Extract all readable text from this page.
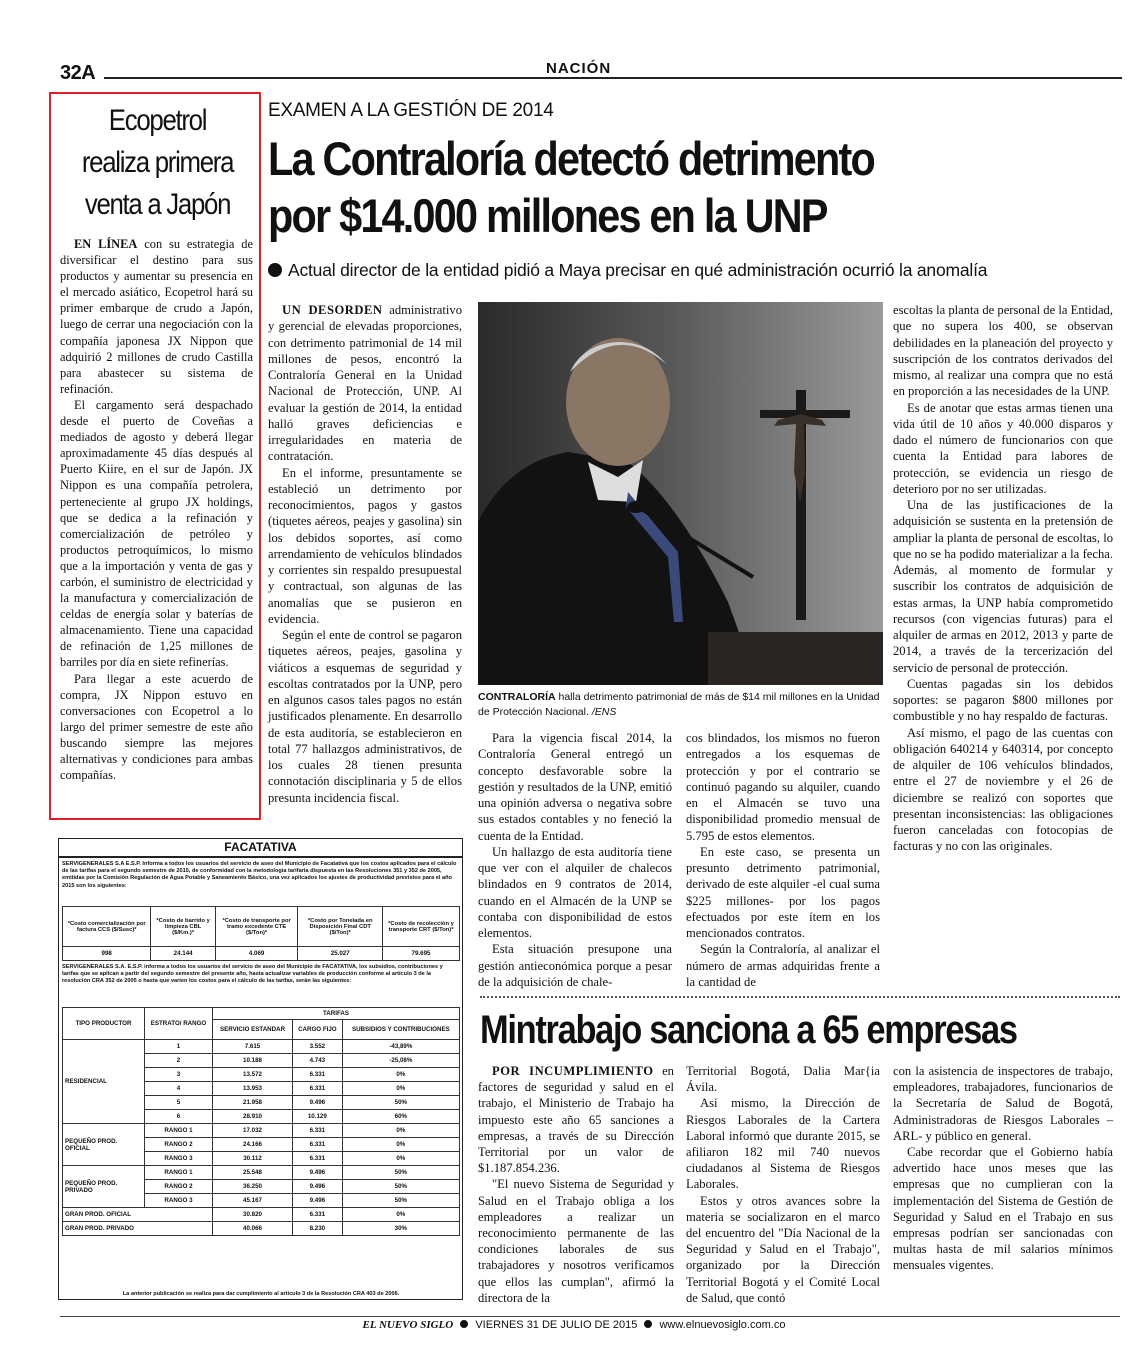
32A	NACIÓN
Ecopetrol realiza primera venta a Japón

EN LÍNEA con su estrategia de diversificar el destino para sus productos y aumentar su presencia en el mercado asiático, Ecopetrol hará su primer embarque de crudo a Japón, luego de cerrar una negociación con la compañía japonesa JX Nippon que adquirió 2 millones de crudo Castilla para abastecer su sistema de refinación.

El cargamento será despachado desde el puerto de Coveñas a mediados de agosto y deberá llegar aproximadamente 45 días después al Puerto Kiire, en el sur de Japón. JX Nippon es una compañía petrolera, perteneciente al grupo JX holdings, que se dedica a la refinación y comercialización de petróleo y productos petroquímicos, lo mismo que a la importación y venta de gas y carbón, el suministro de electricidad y la manufactura y comercialización de celdas de energía solar y baterías de almacenamiento. Tiene una capacidad de refinación de 1,25 millones de barriles por día en siete refinerías.

Para llegar a este acuerdo de compra, JX Nippon estuvo en conversaciones con Ecopetrol a lo largo del primer semestre de este año buscando siempre las mejores alternativas y condiciones para ambas compañías.

EXAMEN A LA GESTIÓN DE 2014
La Contraloría detectó detrimento
por $14.000 millones en la UNP
Actual director de la entidad pidió a Maya precisar en qué administración ocurrió la anomalía

UN DESORDEN administrativo y gerencial de elevadas proporciones, con detrimento patrimonial de 14 mil millones de pesos, encontró la Contraloría General en la Unidad Nacional de Protección, UNP. Al evaluar la gestión de 2014, la entidad halló graves deficiencias e irregularidades en materia de contratación.

En el informe, presuntamente se estableció un detrimento por reconocimientos, pagos y gastos (tiquetes aéreos, peajes y gasolina) sin los debidos soportes, así como arrendamiento de vehículos blindados y corrientes sin respaldo presupuestal y contractual, son algunas de las anomalías que se pusieron en evidencia.

Según el ente de control se pagaron tiquetes aéreos, peajes, gasolina y viáticos a esquemas de seguridad y escoltas contratados por la UNP, pero en algunos casos tales pagos no están justificados plenamente. En desarrollo de esta auditoría, se establecieron en total 77 hallazgos administrativos, de los cuales 28 tienen presunta connotación disciplinaria y 5 de ellos presunta incidencia fiscal.

CONTRALORÍA halla detrimento patrimonial de más de $14 mil millones en la Unidad de Protección Nacional. /ENS

Para la vigencia fiscal 2014, la Contraloría General entregó un concepto desfavorable sobre la gestión y resultados de la UNP, emitió una opinión adversa o negativa sobre sus estados contables y no feneció la cuenta de la Entidad.

Un hallazgo de esta auditoría tiene que ver con el alquiler de chalecos blindados en 9 contratos de 2014, cuando en el Almacén de la UNP se contaba con disponibilidad de estos elementos.

Esta situación presupone una gestión antieconómica porque a pesar de la adquisición de chale-

cos blindados, los mismos no fueron entregados a los esquemas de protección y por el contrario se continuó pagando su alquiler, cuando en el Almacén se tuvo una disponibilidad promedio mensual de 5.795 de estos elementos.

En este caso, se presenta un presunto detrimento patrimonial, derivado de este alquiler -el cual suma $225 millones- por los pagos efectuados por este ítem en los mencionados contratos.

Según la Contraloría, al analizar el número de armas adquiridas frente a la cantidad de

escoltas la planta de personal de la Entidad, que no supera los 400, se observan debilidades en la planeación del proyecto y suscripción de los contratos derivados del mismo, al realizar una compra que no está en proporción a las necesidades de la UNP.

Es de anotar que estas armas tienen una vida útil de 10 años y 40.000 disparos y dado el número de funcionarios con que cuenta la Entidad para labores de protección, se evidencia un riesgo de deterioro por no ser utilizadas.

Una de las justificaciones de la adquisición se sustenta en la pretensión de ampliar la planta de personal de escoltas, lo que no se ha podido materializar a la fecha. Además, al momento de formular y suscribir los contratos de adquisición de estas armas, la UNP había comprometido recursos (con vigencias futuras) para el alquiler de armas en 2012, 2013 y parte de 2014, a través de la tercerización del servicio de personal de protección.

Cuentas pagadas sin los debidos soportes: se pagaron $800 millones por combustible y no hay respaldo de facturas.

Así mismo, el pago de las cuentas con obligación 640214 y 640314, por concepto de alquiler de 106 vehículos blindados, entre el 27 de noviembre y el 26 de diciembre se realizó con soportes que presentan inconsistencias: las obligaciones fueron canceladas con fotocopias de facturas y no con las originales.

FACATATIVA
SERVIGENERALES S.A E.S.P. Informa a todos los usuarios del servicio de aseo del Municipio de Facatativá que los costos aplicados para el cálculo de las tarifas para el segundo semestre de 2015, de conformidad con la metodología tarifaria dispuesta en las Resoluciones 351 y 352 de 2005, emitidas por la Comisión Regulación de Agua Potable y Saneamiento Básico, una vez aplicados los ajustes de productividad previstos para el año 2015 son los siguientes:
*Costo comercialización por factura CCS ($/Susc)*	*Costo de barrido y limpieza CBL ($/Km.)*	*Costo de transporte por tramo excedente CTE ($/Ton)*	*Costo por Tonelada en Disposición Final CDT ($/Ton)*	*Costo de recolección y transporte CRT ($/Ton)*
998	24.144	4.069	25.027	79.695
SERVIGENERALES S.A. E.S.P. informa a todos los usuarios del servicio de aseo del Municipio de FACATATIVA, los subsidios, contribuciones y tarifas que se aplican a partir del segundo semestre del presente año, hasta actualizar variables de producción conforme al artículo 3 de la resolución CRA 352 de 2005 o hasta que varíen los costos para el cálculo de las tarifas, serán las siguientes:
TIPO PRODUCTOR	ESTRATO/ RANGO	TARIFAS		
		SERVICIO ESTANDAR	CARGO FIJO	SUBSIDIOS Y CONTRIBUCIONES
RESIDENCIAL	1	7.615	3.552	-43,89%
	2	10.188	4.743	-25,08%
	3	13.572	6.331	0%
	4	13.953	6.331	0%
	5	21.958	9.496	50%
	6	28.910	10.129	60%
PEQUEÑO PROD. OFICIAL	RANGO 1	17.032	6.331	0%
	RANGO 2	24.166	6.331	0%
	RANGO 3	30.112	6.331	0%
PEQUEÑO PROD. PRIVADO	RANGO 1	25.548	9.496	50%
	RANGO 2	36.250	9.496	50%
	RANGO 3	45.167	9.496	50%
GRAN PROD. OFICIAL		30.820	6.331	0%
GRAN PROD. PRIVADO		40.066	8.230	30%
La anterior publicación se realiza para dar cumplimiento al artículo 3 de la Resolución CRA 403 de 2006.
Mintrabajo sanciona a 65 empresas

POR INCUMPLIMIENTO en factores de seguridad y salud en el trabajo, el Ministerio de Trabajo ha impuesto este año 65 sanciones a empresas, a través de su Dirección Territorial por un valor de $1.187.854.236.

"El nuevo Sistema de Seguridad y Salud en el Trabajo obliga a los empleadores a realizar un reconocimiento permanente de las condiciones laborales de sus trabajadores y nosotros verificamos que ellos las cumplan", afirmó la directora de la

Territorial Bogotá, Dalia Mar{ia Ávila.

Así mismo, la Dirección de Riesgos Laborales de la Cartera Laboral informó que durante 2015, se afiliaron 182 mil 740 nuevos ciudadanos al Sistema de Riesgos Laborales.

Estos y otros avances sobre la materia se socializaron en el marco del encuentro del "Día Nacional de la Seguridad y Salud en el Trabajo", organizado por la Dirección Territorial Bogotá y el Comité Local de Salud, que contó

con la asistencia de inspectores de trabajo, empleadores, trabajadores, funcionarios de la Secretaría de Salud de Bogotá, Administradoras de Riesgos Laborales –ARL- y público en general.

Cabe recordar que el Gobierno había advertido hace unos meses que las empresas que no cumplieran con la implementación del Sistema de Gestión de Seguridad y Salud en el Trabajo en sus empresas podrían ser sancionadas con multas hasta de mil salarios mínimos mensuales vigentes.

EL NUEVO SIGLO VIERNES 31 DE JULIO DE 2015 www.elnuevosiglo.com.co
